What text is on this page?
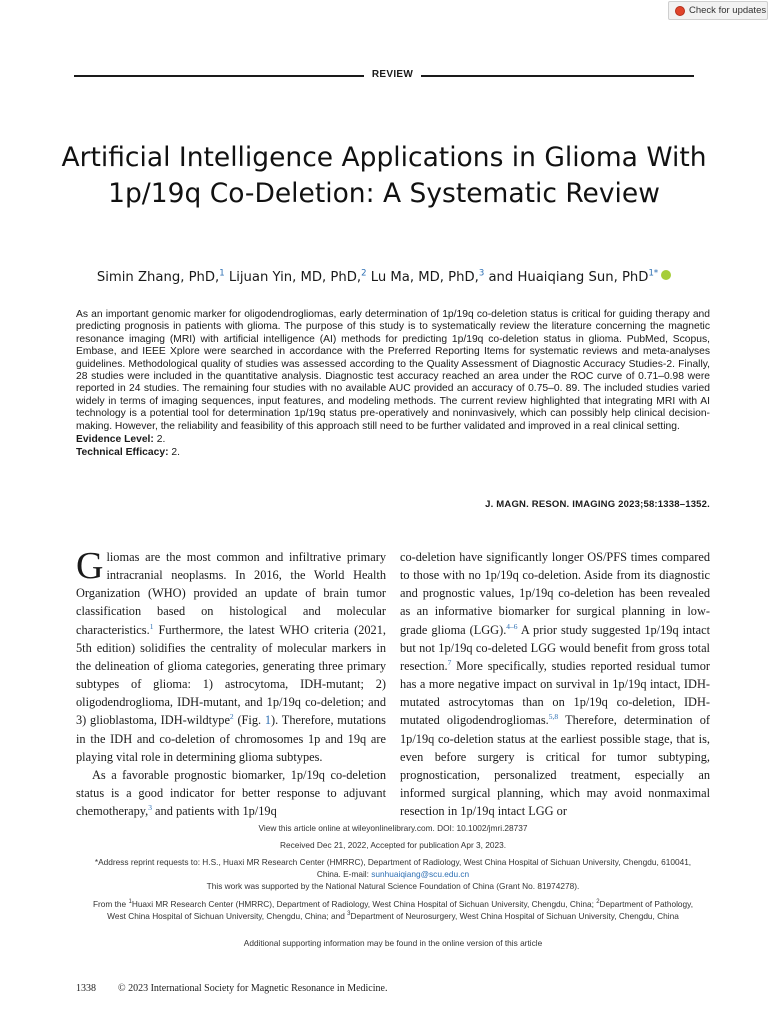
Check for updates
REVIEW
Artificial Intelligence Applications in Glioma With 1p/19q Co-Deletion: A Systematic Review
Simin Zhang, PhD,$^1$ Lijuan Yin, MD, PhD,$^2$ Lu Ma, MD, PhD,$^3$ and Huaiqiang Sun, PhD$^{1*}$

As an important genomic marker for oligodendrogliomas, early determination of 1p/19q co-deletion status is critical for guiding therapy and predicting prognosis in patients with glioma. The purpose of this study is to systematically review the literature concerning the magnetic resonance imaging (MRI) with artificial intelligence (AI) methods for predicting 1p/19q co-deletion status in glioma. PubMed, Scopus, Embase, and IEEE Xplore were searched in accordance with the Preferred Reporting Items for systematic reviews and meta-analyses guidelines. Methodological quality of studies was assessed according to the Quality Assessment of Diagnostic Accuracy Studies-2. Finally, 28 studies were included in the quantitative analysis. Diagnostic test accuracy reached an area under the ROC curve of 0.71–0.98 were reported in 24 studies. The remaining four studies with no available AUC provided an accuracy of 0.75–0. 89. The included studies varied widely in terms of imaging sequences, input features, and modeling methods. The current review highlighted that integrating MRI with AI technology is a potential tool for determination 1p/19q status pre-operatively and noninvasively, which can possibly help clinical decision-making. However, the reliability and feasibility of this approach still need to be further validated and improved in a real clinical setting.

Evidence Level: 2.
Technical Efficacy: 2.
J. MAGN. RESON. IMAGING 2023;58:1338–1352.

Gliomas are the most common and infiltrative primary intracranial neoplasms. In 2016, the World Health Organization (WHO) provided an update of brain tumor classification based on histological and molecular characteristics.$^1$ Furthermore, the latest WHO criteria (2021, 5th edition) solidifies the centrality of molecular markers in the delineation of glioma categories, generating three primary subtypes of glioma: 1) astrocytoma, IDH-mutant; 2) oligodendroglioma, IDH-mutant, and 1p/19q co-deletion; and 3) glioblastoma, IDH-wildtype$^2$ (Fig. 1). Therefore, mutations in the IDH and co-deletion of chromosomes 1p and 19q are playing vital role in determining glioma subtypes.

As a favorable prognostic biomarker, 1p/19q co-deletion status is a good indicator for better response to adjuvant chemotherapy,$^3$ and patients with 1p/19q

co-deletion have significantly longer OS/PFS times compared to those with no 1p/19q co-deletion. Aside from its diagnostic and prognostic values, 1p/19q co-deletion has been revealed as an informative biomarker for surgical planning in low-grade glioma (LGG).$^{4-6}$ A prior study suggested 1p/19q intact but not 1p/19q co-deleted LGG would benefit from gross total resection.$^7$ More specifically, studies reported residual tumor has a more negative impact on survival in 1p/19q intact, IDH-mutated astrocytomas than on 1p/19q co-deletion, IDH-mutated oligodendrogliomas.$^{5,8}$ Therefore, determination of 1p/19q co-deletion status at the earliest possible stage, that is, even before surgery is critical for tumor subtyping, prognostication, personalized treatment, especially an informed surgical planning, which may avoid nonmaximal resection in 1p/19q intact LGG or

View this article online at wileyonlinelibrary.com. DOI: 10.1002/jmri.28737
Received Dec 21, 2022, Accepted for publication Apr 3, 2023.
*Address reprint requests to: H.S., Huaxi MR Research Center (HMRRC), Department of Radiology, West China Hospital of Sichuan University, Chengdu, 610041, China. E-mail: sunhuaiqiang@scu.edu.cn
This work was supported by the National Natural Science Foundation of China (Grant No. 81974278).
From the $^1$Huaxi MR Research Center (HMRRC), Department of Radiology, West China Hospital of Sichuan University, Chengdu, China; $^2$Department of Pathology, West China Hospital of Sichuan University, Chengdu, China; and $^3$Department of Neurosurgery, West China Hospital of Sichuan University, Chengdu, China
Additional supporting information may be found in the online version of this article
1338 © 2023 International Society for Magnetic Resonance in Medicine.
